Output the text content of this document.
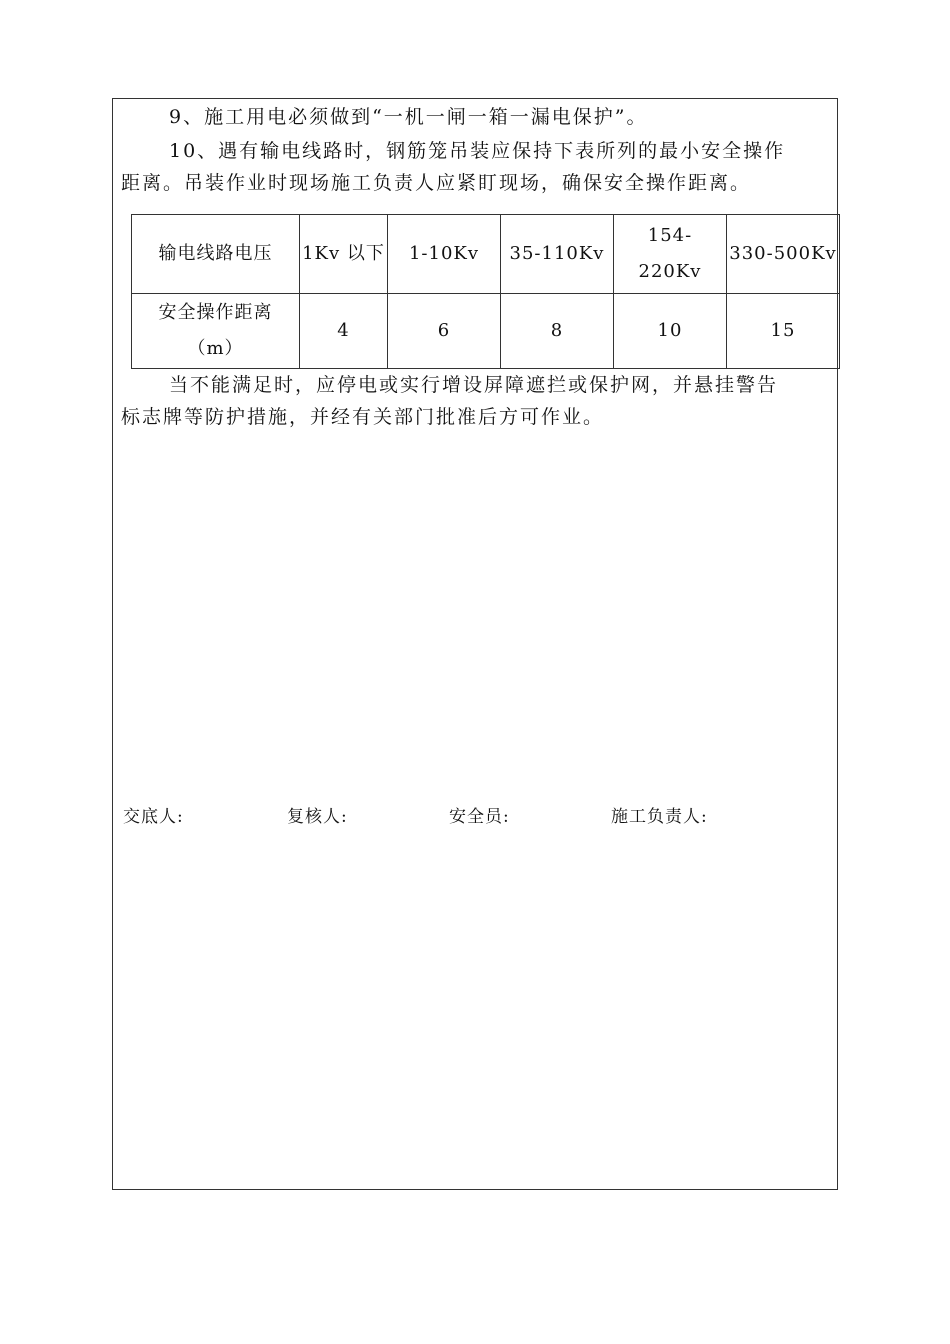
9、施工用电必须做到“一机一闸一箱一漏电保护”。

10、遇有输电线路时，钢筋笼吊装应保持下表所列的最小安全操作
距离。吊装作业时现场施工负责人应紧盯现场，确保安全操作距离。
输电线路电压	1Kv 以下	1-10Kv	35-110Kv	154-220Kv	330-500Kv
安全操作距离（m）	4	6	8	10	15
当不能满足时，应停电或实行增设屏障遮拦或保护网，并悬挂警告
标志牌等防护措施，并经有关部门批准后方可作业。
交底人:	复核人:	安全员:	施工负责人:
